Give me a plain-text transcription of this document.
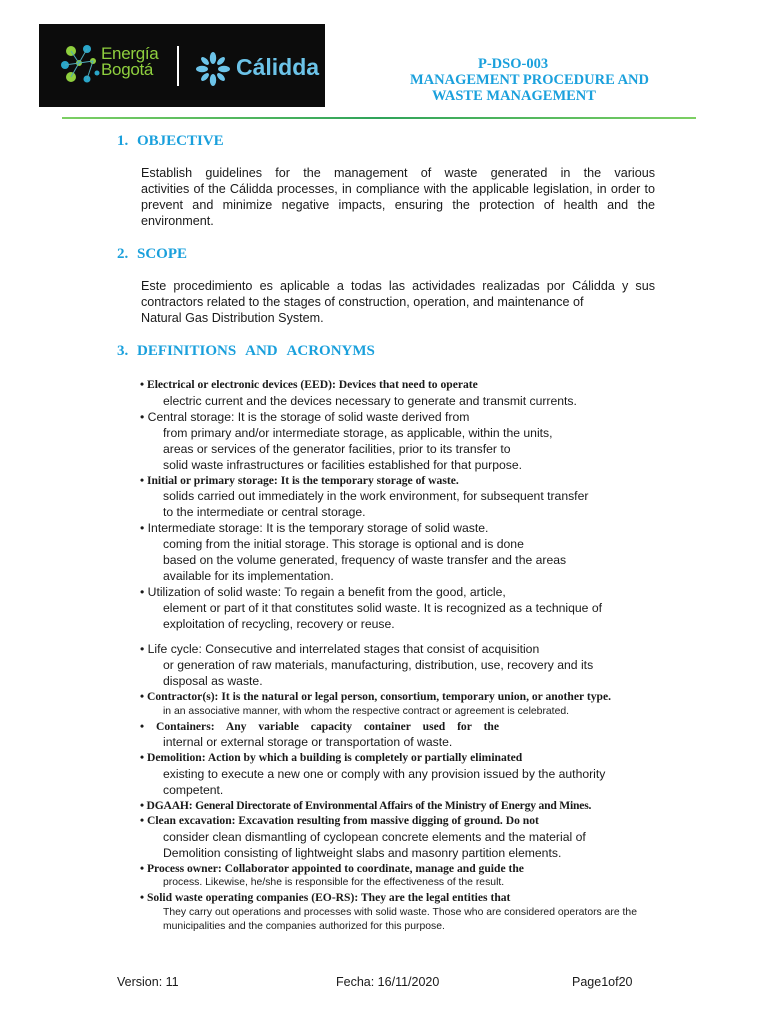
Energía
Bogotá	Cálidda	P-DSO-003
MANAGEMENT PROCEDURE AND
WASTE MANAGEMENT
1. OBJECTIVE

Establish guidelines for the management of waste generated in the various
activities of the Cálidda processes, in compliance with the applicable legislation, in order to
prevent and minimize negative impacts, ensuring the protection of health and the
environment.

2. SCOPE

Este procedimiento es aplicable a todas las actividades realizadas por Cálidda y sus
contractors related to the stages of construction, operation, and maintenance of
Natural Gas Distribution System.

3. DEFINITIONS AND ACRONYMS
• Electrical or electronic devices (EED): Devices that need to operate
electric current and the devices necessary to generate and transmit currents.
• Central storage: It is the storage of solid waste derived from
from primary and/or intermediate storage, as applicable, within the units,
areas or services of the generator facilities, prior to its transfer to
solid waste infrastructures or facilities established for that purpose.
• Initial or primary storage: It is the temporary storage of waste.
solids carried out immediately in the work environment, for subsequent transfer
to the intermediate or central storage.
• Intermediate storage: It is the temporary storage of solid waste.
coming from the initial storage. This storage is optional and is done
based on the volume generated, frequency of waste transfer and the areas
available for its implementation.
• Utilization of solid waste: To regain a benefit from the good, article,
element or part of it that constitutes solid waste. It is recognized as a technique of
exploitation of recycling, recovery or reuse.
• Life cycle: Consecutive and interrelated stages that consist of acquisition
or generation of raw materials, manufacturing, distribution, use, recovery and its
disposal as waste.
• Contractor(s): It is the natural or legal person, consortium, temporary union, or another type.
in an associative manner, with whom the respective contract or agreement is celebrated.
• Containers: Any variable capacity container used for the
internal or external storage or transportation of waste.
• Demolition: Action by which a building is completely or partially eliminated
existing to execute a new one or comply with any provision issued by the authority
competent.
• DGAAH: General Directorate of Environmental Affairs of the Ministry of Energy and Mines.
• Clean excavation: Excavation resulting from massive digging of ground. Do not
consider clean dismantling of cyclopean concrete elements and the material of
Demolition consisting of lightweight slabs and masonry partition elements.
• Process owner: Collaborator appointed to coordinate, manage and guide the
process. Likewise, he/she is responsible for the effectiveness of the result.
• Solid waste operating companies (EO-RS): They are the legal entities that
They carry out operations and processes with solid waste. Those who are considered operators are the
municipalities and the companies authorized for this purpose.
Version: 11	Fecha: 16/11/2020	Page1of20
